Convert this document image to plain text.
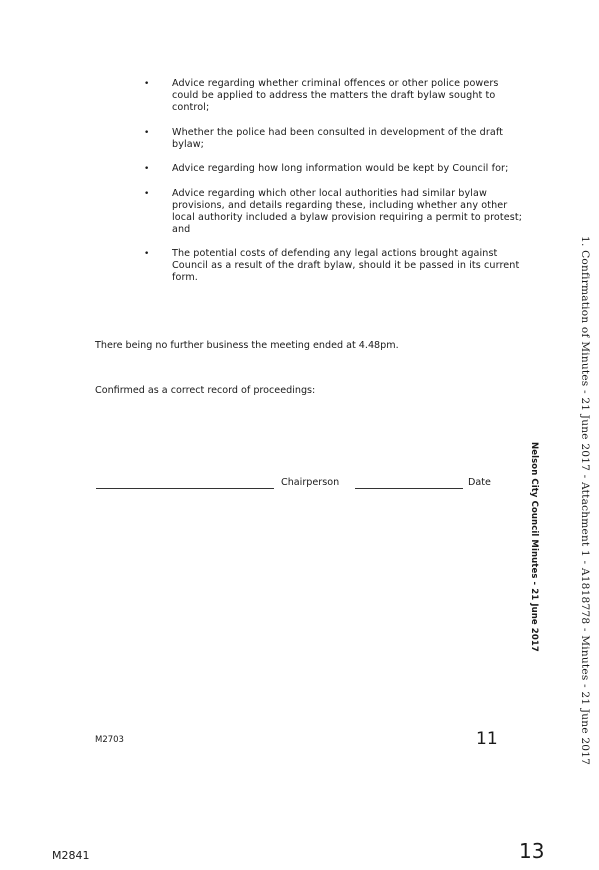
• Advice regarding whether criminal offences or other police powers could be applied to address the matters the draft bylaw sought to control;
• Whether the police had been consulted in development of the draft bylaw;
• Advice regarding how long information would be kept by Council for;
• Advice regarding which other local authorities had similar bylaw provisions, and details regarding these, including whether any other local authority included a bylaw provision requiring a permit to protest; and
• The potential costs of defending any legal actions brought against Council as a result of the draft bylaw, should it be passed in its current form.

There being no further business the meeting ended at 4.48pm.

Confirmed as a correct record of proceedings:

Chairperson	Date
M2703	11
Nelson City Council Minutes - 21 June 2017	1. Confirmation of Minutes - 21 June 2017 - Attachment 1 - A1818778 - Minutes - 21 June 2017
M2841	13
